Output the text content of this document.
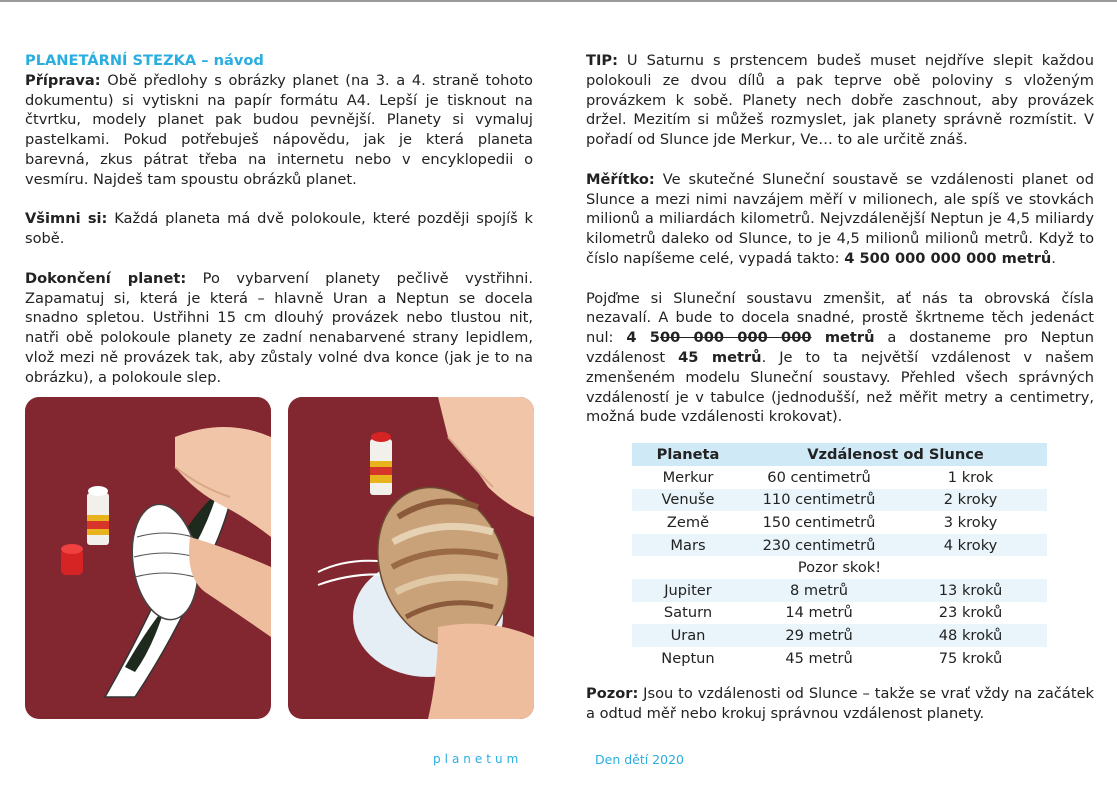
PLANETÁRNÍ STEZKA – návod
Příprava: Obě předlohy s obrázky planet (na 3. a 4. straně tohoto dokumentu) si vytiskni na papír formátu A4. Lepší je tisknout na čtvrtku, modely planet pak budou pevnější. Planety si vymaluj pastelkami. Pokud potřebuješ nápovědu, jak je která planeta barevná, zkus pátrat třeba na internetu nebo v encyklopedii o vesmíru. Najdeš tam spoustu obrázků planet.
Všimni si: Každá planeta má dvě polokoule, které později spojíš k sobě.
Dokončení planet: Po vybarvení planety pečlivě vystřihni. Zapamatuj si, která je která – hlavně Uran a Neptun se docela snadno spletou. Ustřihni 15 cm dlouhý provázek nebo tlustou nit, natři obě polokoule planety ze zadní nenabarvené strany lepidlem, vlož mezi ně provázek tak, aby zůstaly volné dva konce (jak je to na obrázku), a polokoule slep.
TIP: U Saturnu s prstencem budeš muset nejdříve slepit každou polokouli ze dvou dílů a pak teprve obě poloviny s vloženým provázkem k sobě. Planety nech dobře zaschnout, aby provázek držel. Mezitím si můžeš rozmyslet, jak planety správně rozmístit. V pořadí od Slunce jde Merkur, Ve… to ale určitě znáš.
Měřítko: Ve skutečné Sluneční soustavě se vzdálenosti planet od Slunce a mezi nimi navzájem měří v milionech, ale spíš ve stovkách milionů a miliardách kilometrů. Nejvzdálenější Neptun je 4,5 miliardy kilometrů daleko od Slunce, to je 4,5 milionů milionů metrů. Když to číslo napíšeme celé, vypadá takto: 4 500 000 000 000 metrů.
Pojďme si Sluneční soustavu zmenšit, ať nás ta obrovská čísla nezavalí. A bude to docela snadné, prostě škrtneme těch jedenáct nul: 4 500 000 000 000 metrů a dostaneme pro Neptun vzdálenost 45 metrů. Je to ta největší vzdálenost v našem zmenšeném modelu Sluneční soustavy. Přehled všech správných vzdáleností je v tabulce (jednodušší, než měřit metry a centimetry, možná bude vzdálenosti krokovat).
Planeta	Vzdálenost od Slunce	
Merkur	60 centimetrů	1 krok
Venuše	110 centimetrů	2 kroky
Země	150 centimetrů	3 kroky
Mars	230 centimetrů	4 kroky
Pozor skok!		
Jupiter	8 metrů	13 kroků
Saturn	14 metrů	23 kroků
Uran	29 metrů	48 kroků
Neptun	45 metrů	75 kroků
Pozor: Jsou to vzdálenosti od Slunce – takže se vrať vždy na začátek a odtud měř nebo krokuj správnou vzdálenost planety.
planetum	Den dětí 2020
